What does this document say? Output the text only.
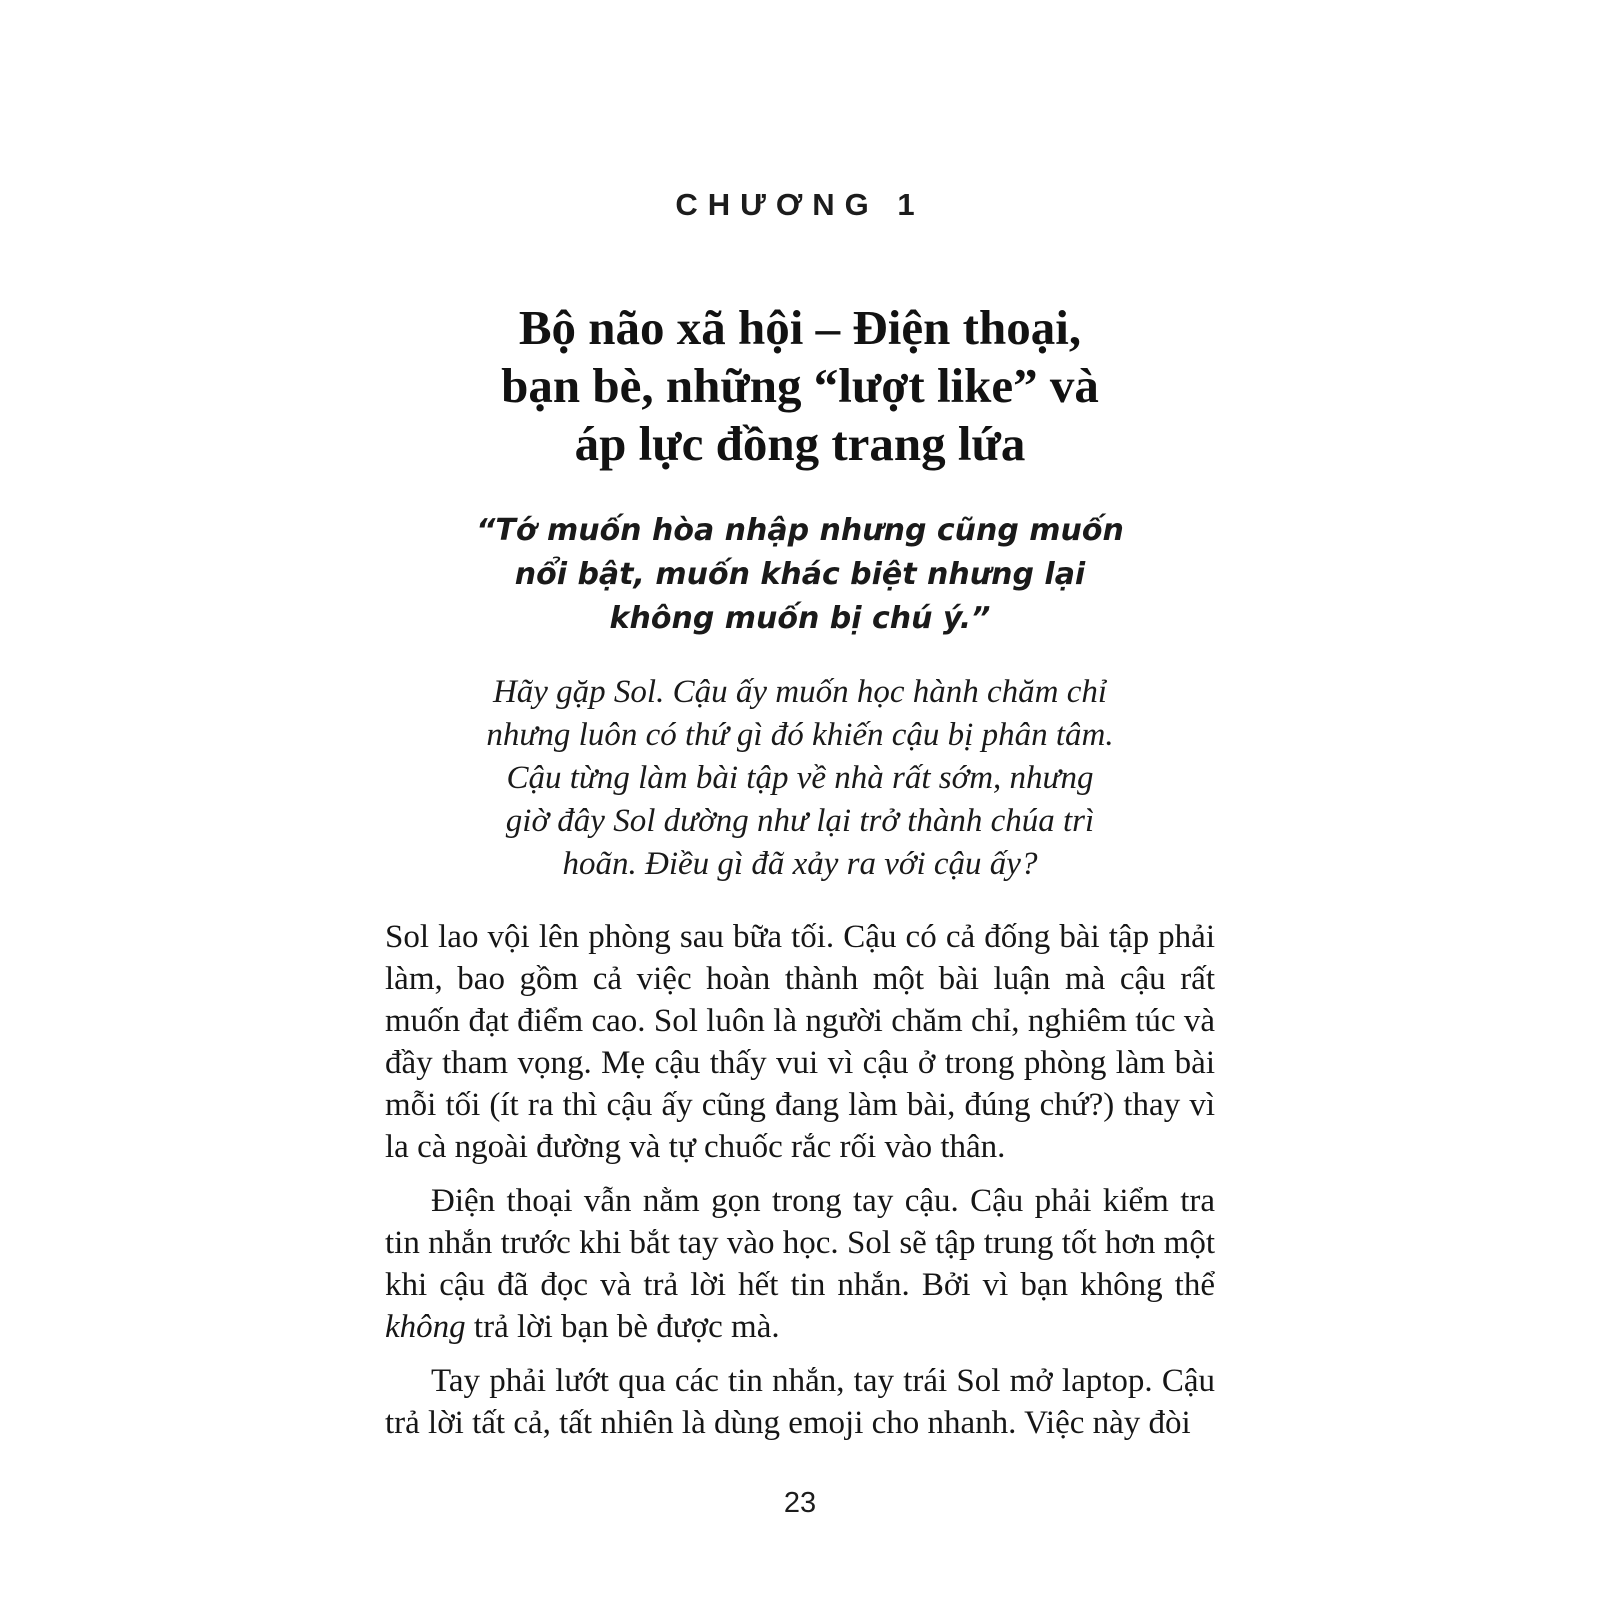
CHƯƠNG 1
Bộ não xã hội – Điện thoại,
bạn bè, những “lượt like” và
áp lực đồng trang lứa
“Tớ muốn hòa nhập nhưng cũng muốn
nổi bật, muốn khác biệt nhưng lại
không muốn bị chú ý.”
Hãy gặp Sol. Cậu ấy muốn học hành chăm chỉ
nhưng luôn có thứ gì đó khiến cậu bị phân tâm.
Cậu từng làm bài tập về nhà rất sớm, nhưng
giờ đây Sol dường như lại trở thành chúa trì
hoãn. Điều gì đã xảy ra với cậu ấy?

Sol lao vội lên phòng sau bữa tối. Cậu có cả đống bài tập phải làm, bao gồm cả việc hoàn thành một bài luận mà cậu rất muốn đạt điểm cao. Sol luôn là người chăm chỉ, nghiêm túc và đầy tham vọng. Mẹ cậu thấy vui vì cậu ở trong phòng làm bài mỗi tối (ít ra thì cậu ấy cũng đang làm bài, đúng chứ?) thay vì la cà ngoài đường và tự chuốc rắc rối vào thân.

Điện thoại vẫn nằm gọn trong tay cậu. Cậu phải kiểm tra tin nhắn trước khi bắt tay vào học. Sol sẽ tập trung tốt hơn một khi cậu đã đọc và trả lời hết tin nhắn. Bởi vì bạn không thể không trả lời bạn bè được mà.

Tay phải lướt qua các tin nhắn, tay trái Sol mở laptop. Cậu trả lời tất cả, tất nhiên là dùng emoji cho nhanh. Việc này đòi

23
